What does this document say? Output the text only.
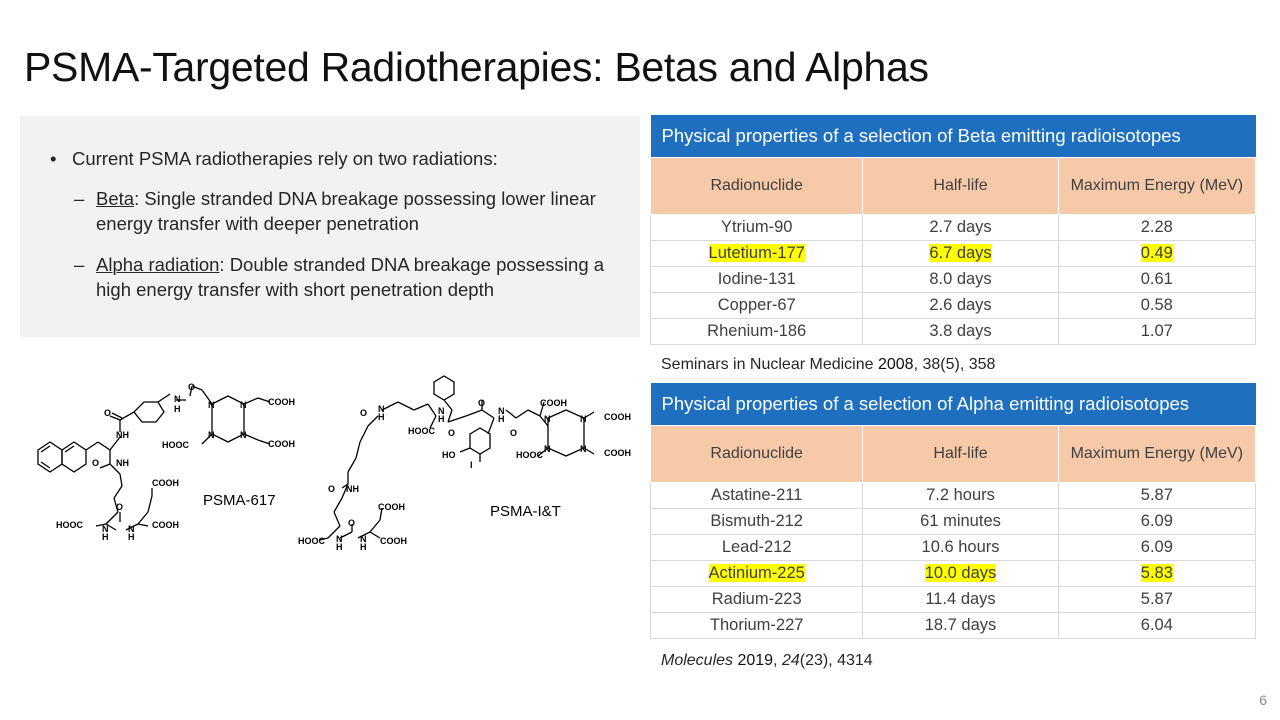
PSMA-Targeted Radiotherapies: Betas and Alphas
• Current PSMA radiotherapies rely on two radiations:
– Beta: Single stranded DNA breakage possessing lower linear energy transfer with deeper penetration
– Alpha radiation: Double stranded DNA breakage possessing a high energy transfer with short penetration depth
Physical properties of a selection of Beta emitting radioisotopes		
Radionuclide	Half-life	Maximum Energy (MeV)
Ytrium-90	2.7 days	2.28
Lutetium-177	6.7 days	0.49
Iodine-131	8.0 days	0.61
Copper-67	2.6 days	0.58
Rhenium-186	3.8 days	1.07
Seminars in Nuclear Medicine 2008, 38(5), 358
Physical properties of a selection of Alpha emitting radioisotopes		
Radionuclide	Half-life	Maximum Energy (MeV)
Astatine-211	7.2 hours	5.87
Bismuth-212	61 minutes	6.09
Lead-212	10.6 hours	6.09
Actinium-225	10.0 days	5.83
Radium-223	11.4 days	5.87
Thorium-227	18.7 days	6.04
Molecules 2019, 24(23), 4314
O
NH
O NH
N
H
O
N	N
N	N
COOH
COOH
HOOC
COOH
O
HOOC N
H
N
H
COOH
PSMA-617
O N
H
N
H
O
N
H
O	O
HOOC
COOH
N	N
N	N
COOH
COOH
HOOC
HO
I
O NH
COOH
O
HOOC N
H
N
H
COOH
PSMA-I&T
6
